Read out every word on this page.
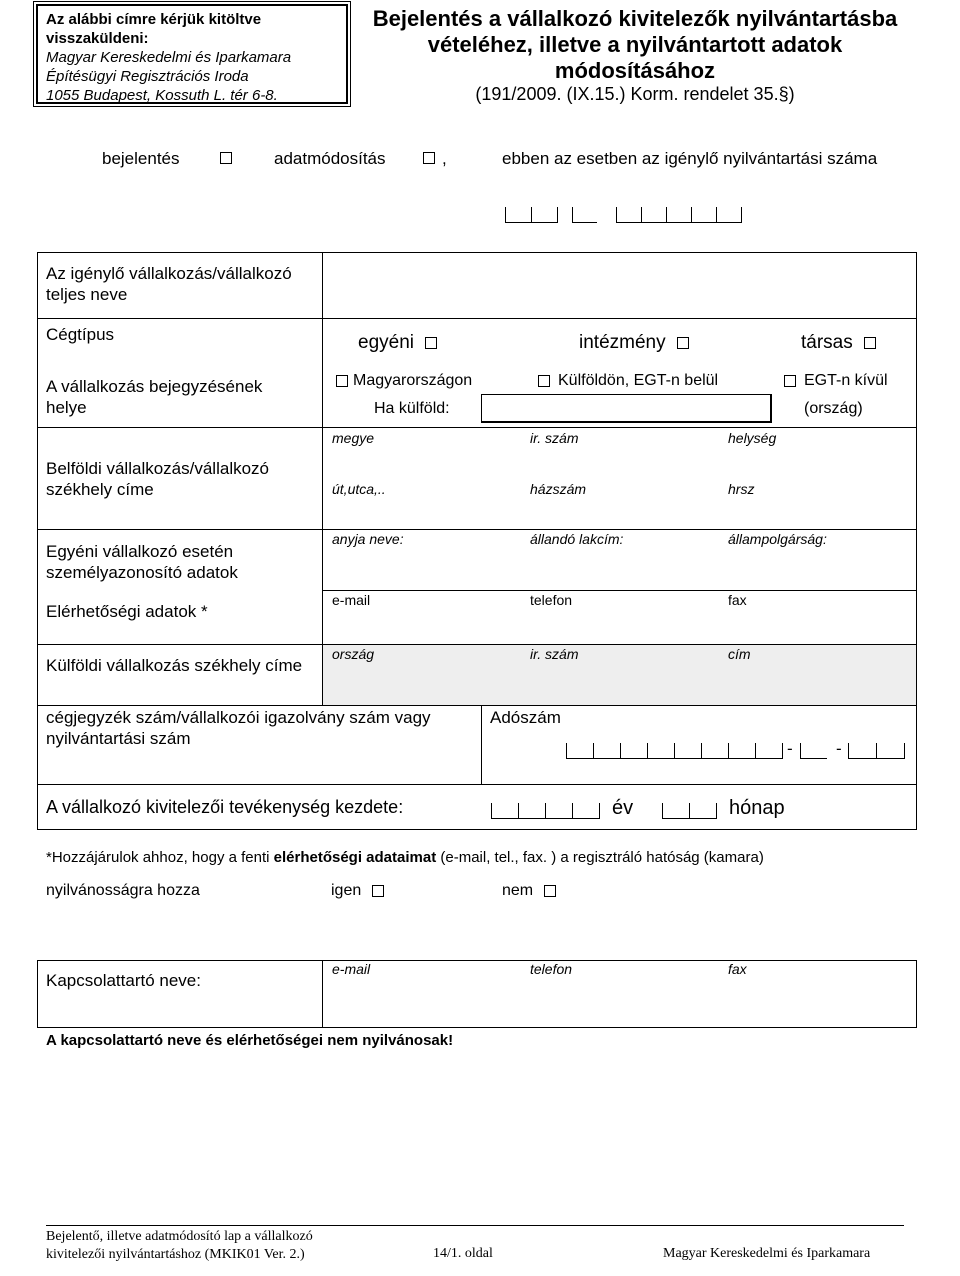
Az alábbi címre kérjük kitöltve
visszaküldeni:
Magyar Kereskedelmi és Iparkamara
Építésügyi Regisztrációs Iroda
1055 Budapest, Kossuth L. tér 6-8.
Bejelentés a vállalkozó kivitelezők nyilvántartásba
vételéhez, illetve a nyilvántartott adatok
módosításához
(191/2009. (IX.15.) Korm. rendelet 35.§)
bejelentés	adatmódosítás	,	ebben az esetben az igénylő nyilvántartási száma
Az igénylő vállalkozás/vállalkozó teljes neve
Cégtípus	egyéni	intézmény	társas
A vállalkozás bejegyzésének helye
Magyarországon	Külföldön, EGT-n belül	EGT-n kívül
Ha külföld:	(ország)
Belföldi vállalkozás/vállalkozó székhely címe
megye	ir. szám	helység
út,utca,..	házszám	hrsz
Egyéni vállalkozó esetén személyazonosító adatok
Elérhetőségi adatok *
anyja neve:	állandó lakcím:	állampolgárság:
e-mail	telefon	fax
Külföldi vállalkozás székhely címe
ország	ir. szám	cím
cégjegyzék szám/vállalkozói igazolvány szám vagy nyilvántartási szám
Adószám
-	-
A vállalkozó kivitelezői tevékenység kezdete:	év	hónap
*Hozzájárulok ahhoz, hogy a fenti elérhetőségi adataimat (e-mail, tel., fax. ) a regisztráló hatóság (kamara)
nyilvánosságra hozza	igen	nem
Kapcsolattartó neve:
e-mail	telefon	fax
A kapcsolattartó neve és elérhetőségei nem nyilvánosak!
Bejelentő, illetve adatmódosító lap a vállalkozó
kivitelezői nyilvántartáshoz (MKIK01 Ver. 2.)	14/1. oldal	Magyar Kereskedelmi és Iparkamara
